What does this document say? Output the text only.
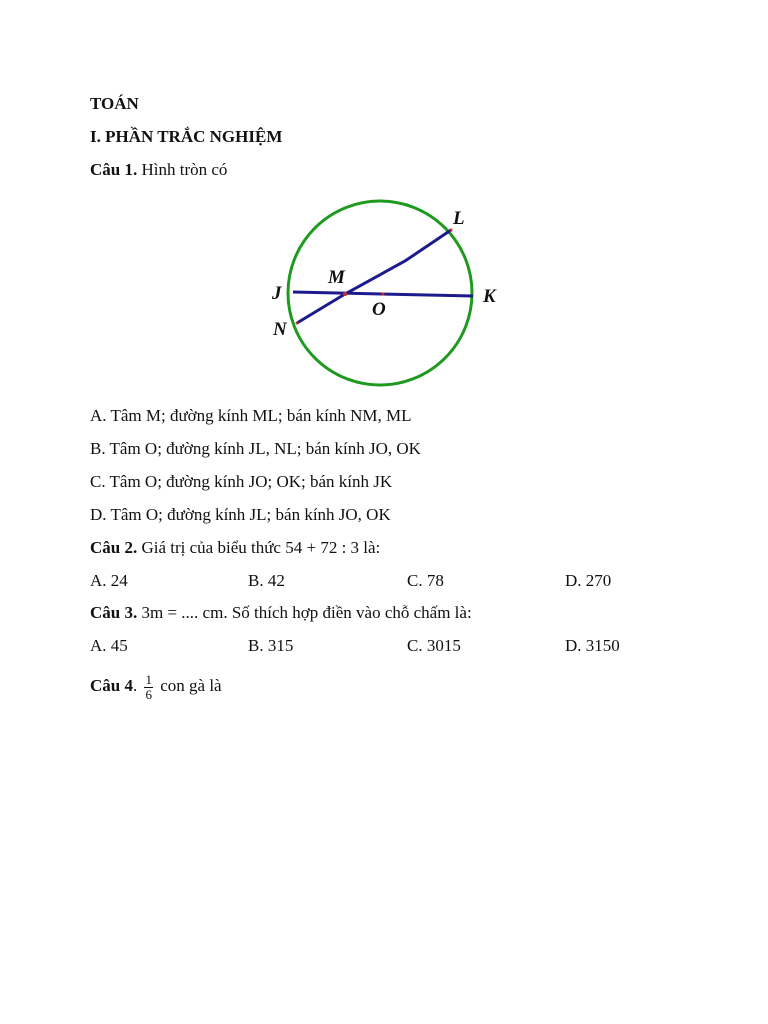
TOÁN
I. PHẦN TRẮC NGHIỆM
Câu 1. Hình tròn có
J	K
L
M
N
O
A. Tâm M; đường kính ML; bán kính NM, ML
B. Tâm O; đường kính JL, NL; bán kính JO, OK
C. Tâm O; đường kính JO; OK; bán kính JK
D. Tâm O; đường kính JL; bán kính JO, OK
Câu 2. Giá trị của biểu thức 54 + 72 : 3 là:
A. 24	B. 42	C. 78	D. 270
Câu 3. 3m = .... cm. Số thích hợp điền vào chỗ chấm là:
A. 45	B. 315	C. 3015	D. 3150
Câu 4. $\frac{1}{6}$ con gà là
